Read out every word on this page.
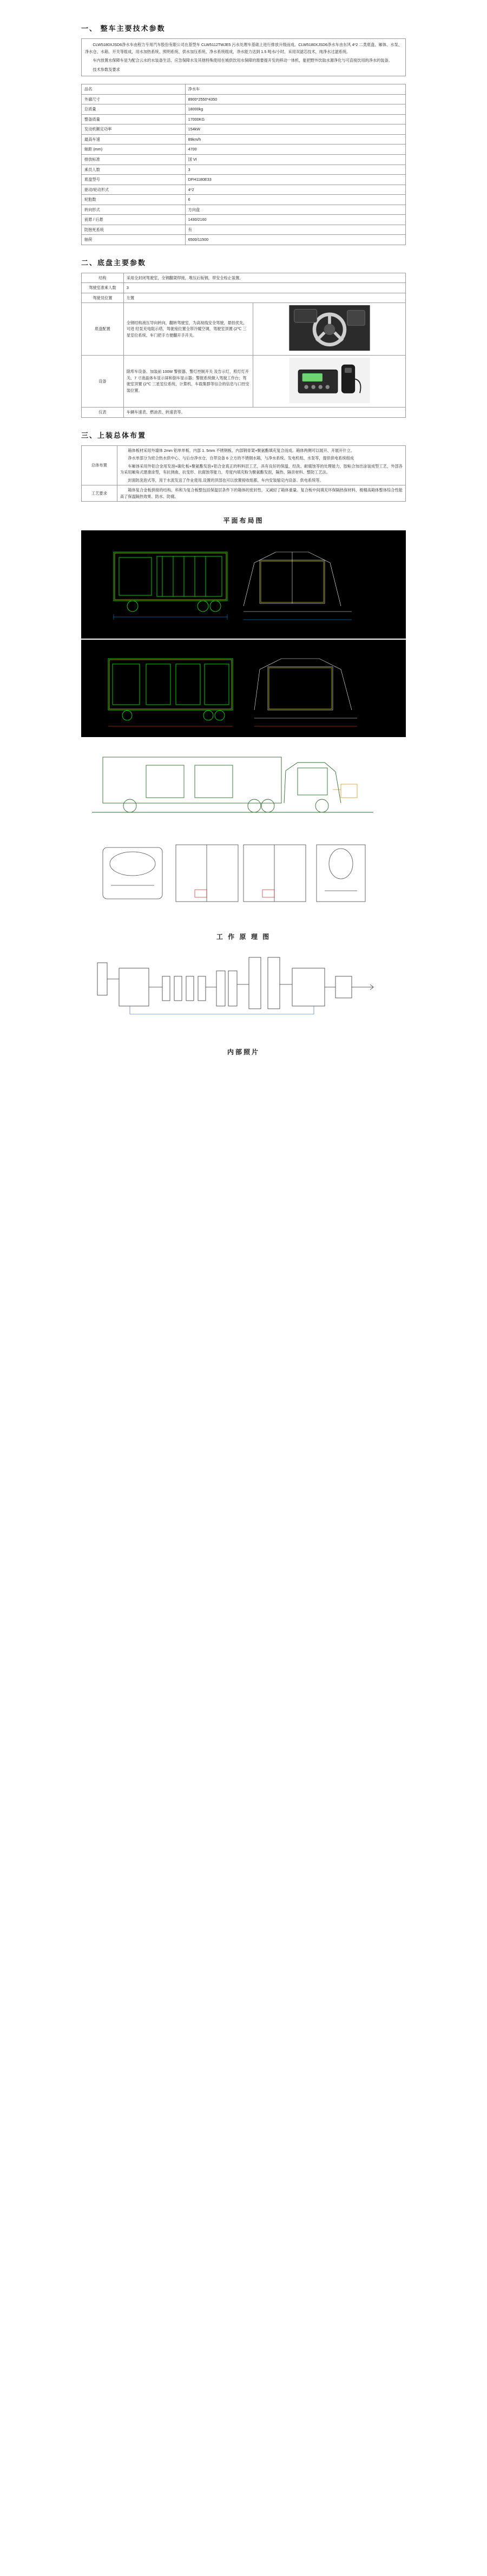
一、 整车主要技术参数

CLW5180XJSD6净水车由程力专用汽车股份有限公司在基型车 CLW5112TWJE5 污水处理车基础上进行排放升级而成。CLW5180XJSD6净水车由东风 4*2 二类底盘、厢体、水泵、净水仓、水箱、开关等组成，用水加热系统、照明系统、供水加压系统、净水系统组成，净水能力达到 1.5 吨水/小时，采用双滤芯技术，纯净水过滤系统。

车内放置水保障车是为配合云水的水装备生活、应急保障水及其他特殊使用在城供饮用水保障的需要提开发的移动一体机，能把野外饮取水源净化与可直接饮用的净水的装备。

技术参数及要求

品名	净水车
外廓尺寸	8900*2550*4350
总质量	18000kg
整备质量	17000KG
发动机额定功率	154kW
最高车速	89km/h
轴距 (mm)	4700
排放标准	国 VI
乘员人数	3
底盘型号	DFH1180E33
驱动/轮动形式	4*2
轮胎数	6
转向形式	方向盘
前悬 / 后悬	1430/2160
防抱死系统	有
轴荷	6500/11500
二、底盘主要参数
结构	采用全封闭驾驶室，全钢翻架焊接，堆压后钣钢，带安全栓止装置。	
驾驶室准乘人数	3	
驾驶员位置	左置	
底盘配置	全钢结构液压导向转向，翻转驾驶室，为高视线安全驾驶，悬挂优先，可进 经泵充电阻示塔，驾驶座位置全带冷暖空调，驾驶室顶置 (2℃ 三星室位系统、车门把手方便翻开手开关。	
设备	除库车设备、加装前 100W 警报器、警灯控制开关 及告示灯，照灯灯开关、7 寸液晶体车显示屏和倒车显示器；警报系统做入驾驶工作台；驾驶室顶置 (2℃ 三星室位系统、计算机、车载集群等信合的信息与口控安装位置。	
仪表	车辆车速表、燃油表、转速表等。	
三、上装总体布置
总体布置	箱体板材采用外墙体 2mm 铝单单板、内部 1. 5mm 不锈钢板、内部钢骨架+聚氨酯填充复合而成。箱体两侧可以展开、开展开什立。
净水单部分为密合热水供中心、与后台净水仓、自带设备 6 立方的不锈钢水箱，与净水系统、发电机组、水泵等，提供供电系统组成
车厢体采用外铝合金用发泡+碳化板+聚氨酯发泡+铝合金真正的料料层工艺，具有良好的保温、经洗、耐腐蚀等的处理能力，胶粘合加出涂装成型工艺，外部各为采用厢角式建滑涂型，有抗挠曲、抗变形、抗腐蚀等能力，寿度内填充粉为聚氨酯发泡，隔热、隔音材料、整防工艺法。
封面防洗泡式等，用于水流发送了作业使用,设置的顶部也可以放置接收组都，车内安装缩定内设备、供电系统等。

工艺要求	箱体复合金板拼接的结构，科和为复合板整包括保温层条件下的箱体的密封性，又减轻了箱体重量。复合板中间填充环保隔热保材料，极精高箱体整体综合性能高了保温隔热效果、防水、防腐。
平面布局图
工 作 原 理 图
内部照片
